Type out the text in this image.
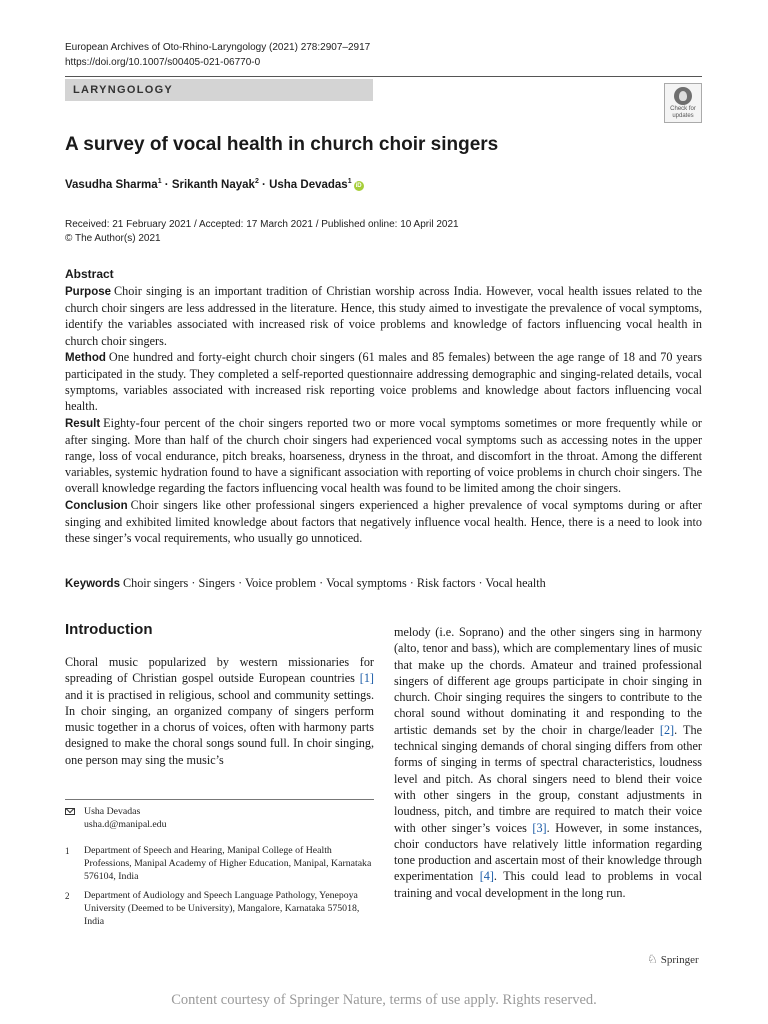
European Archives of Oto-Rhino-Laryngology (2021) 278:2907–2917
https://doi.org/10.1007/s00405-021-06770-0
LARYNGOLOGY
Check for
updates
A survey of vocal health in church choir singers
Vasudha Sharma$^1$ · Srikanth Nayak$^2$ · Usha Devadas$^1$iD
Received: 21 February 2021 / Accepted: 17 March 2021 / Published online: 10 April 2021
© The Author(s) 2021
Abstract

Purpose Choir singing is an important tradition of Christian worship across India. However, vocal health issues related to the church choir singers are less addressed in the literature. Hence, this study aimed to investigate the prevalence of vocal symptoms, identify the variables associated with increased risk of voice problems and knowledge of factors influencing vocal health in church choir singers.

Method One hundred and forty-eight church choir singers (61 males and 85 females) between the age range of 18 and 70 years participated in the study. They completed a self-reported questionnaire addressing demographic and singing-related details, vocal symptoms, variables associated with increased risk reporting voice problems and knowledge about factors influencing vocal health.

Result Eighty-four percent of the choir singers reported two or more vocal symptoms sometimes or more frequently while or after singing. More than half of the church choir singers had experienced vocal symptoms such as accessing notes in the upper range, loss of vocal endurance, pitch breaks, hoarseness, dryness in the throat, and discomfort in the throat. Among the different variables, systemic hydration found to have a significant association with reporting of voice problems in church choir singers. The overall knowledge regarding the factors influencing vocal health was found to be limited among the choir singers.

Conclusion Choir singers like other professional singers experienced a higher prevalence of vocal symptoms during or after singing and exhibited limited knowledge about factors that negatively influence vocal health. Hence, there is a need to look into these singer’s vocal requirements, who usually go unnoticed.

Keywords Choir singers · Singers · Voice problem · Vocal symptoms · Risk factors · Vocal health
Introduction

Choral music popularized by western missionaries for spreading of Christian gospel outside European countries [1] and it is practised in religious, school and community settings. In choir singing, an organized company of singers perform music together in a chorus of voices, often with harmony parts designed to make the choral songs sound full. In choir singing, one person may sing the music’s

melody (i.e. Soprano) and the other singers sing in harmony (alto, tenor and bass), which are complementary lines of music that make up the chords. Amateur and trained professional singers of different age groups participate in choir singing in church. Choir singing requires the singers to contribute to the choral sound without dominating it and responding to the artistic demands set by the choir in charge/leader [2]. The technical singing demands of choral singing differs from other forms of singing in terms of spectral characteristics, loudness level and pitch. As choral singers need to blend their voice with other singers in the group, constant adjustments in loudness, pitch, and timbre are required to match their voice with other singer’s voices [3]. However, in some instances, choir conductors have relatively little information regarding tone production and ascertain most of their knowledge through experimentation [4]. This could lead to problems in vocal training and vocal development in the long run.

Usha Devadas
usha.d@manipal.edu
1 Department of Speech and Hearing, Manipal College of Health Professions, Manipal Academy of Higher Education, Manipal, Karnataka 576104, India
2 Department of Audiology and Speech Language Pathology, Yenepoya University (Deemed to be University), Mangalore, Karnataka 575018, India
♘ Springer
Content courtesy of Springer Nature, terms of use apply. Rights reserved.
